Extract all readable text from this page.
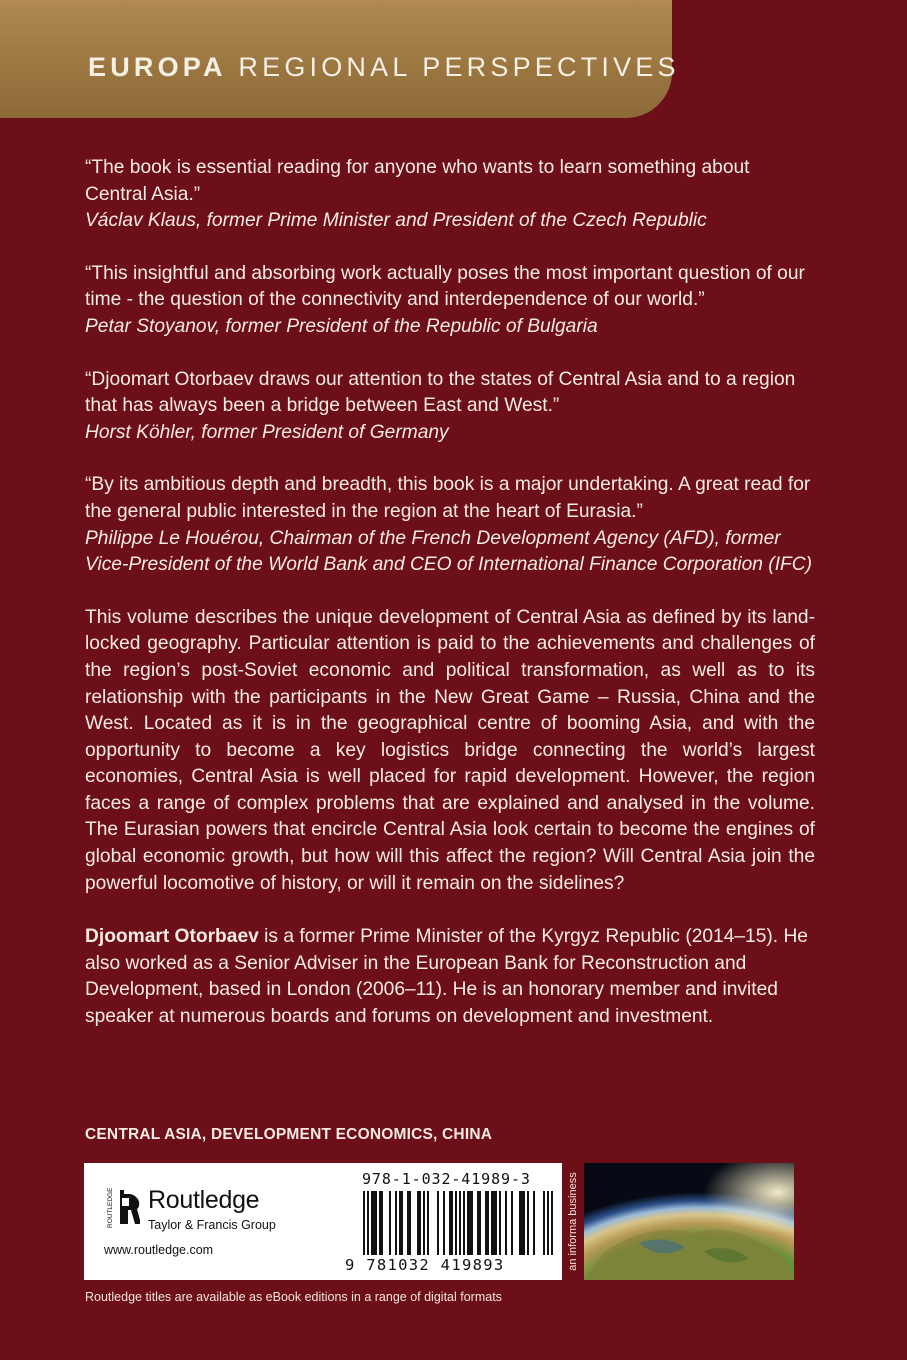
EUROPA REGIONAL PERSPECTIVES

“The book is essential reading for anyone who wants to learn something about Central Asia.”
Václav Klaus, former Prime Minister and President of the Czech Republic

“This insightful and absorbing work actually poses the most important question of our time - the question of the connectivity and interdependence of our world.”
Petar Stoyanov, former President of the Republic of Bulgaria

“Djoomart Otorbaev draws our attention to the states of Central Asia and to a region that has always been a bridge between East and West.”
Horst Köhler, former President of Germany

“By its ambitious depth and breadth, this book is a major undertaking. A great read for the general public interested in the region at the heart of Eurasia.”
Philippe Le Houérou, Chairman of the French Development Agency (AFD), former Vice-President of the World Bank and CEO of International Finance Corporation (IFC)

This volume describes the unique development of Central Asia as defined by its land-locked geography. Particular attention is paid to the achievements and challenges of the region’s post-Soviet economic and political transformation, as well as to its relationship with the participants in the New Great Game – Russia, China and the West. Located as it is in the geographical centre of booming Asia, and with the opportunity to become a key logistics bridge connecting the world’s largest economies, Central Asia is well placed for rapid development. However, the region faces a range of complex problems that are explained and analysed in the volume. The Eurasian powers that encircle Central Asia look certain to become the engines of global economic growth, but how will this affect the region? Will Central Asia join the powerful locomotive of history, or will it remain on the sidelines?

Djoomart Otorbaev is a former Prime Minister of the Kyrgyz Republic (2014–15). He also worked as a Senior Adviser in the European Bank for Reconstruction and Development, based in London (2006–11). He is an honorary member and invited speaker at numerous boards and forums on development and investment.

CENTRAL ASIA, DEVELOPMENT ECONOMICS, CHINA
ROUTLEDGE Routledge
Taylor & Francis Group
www.routledge.com
978-1-032-41989-3
9 781032 419893	an informa business
Routledge titles are available as eBook editions in a range of digital formats
